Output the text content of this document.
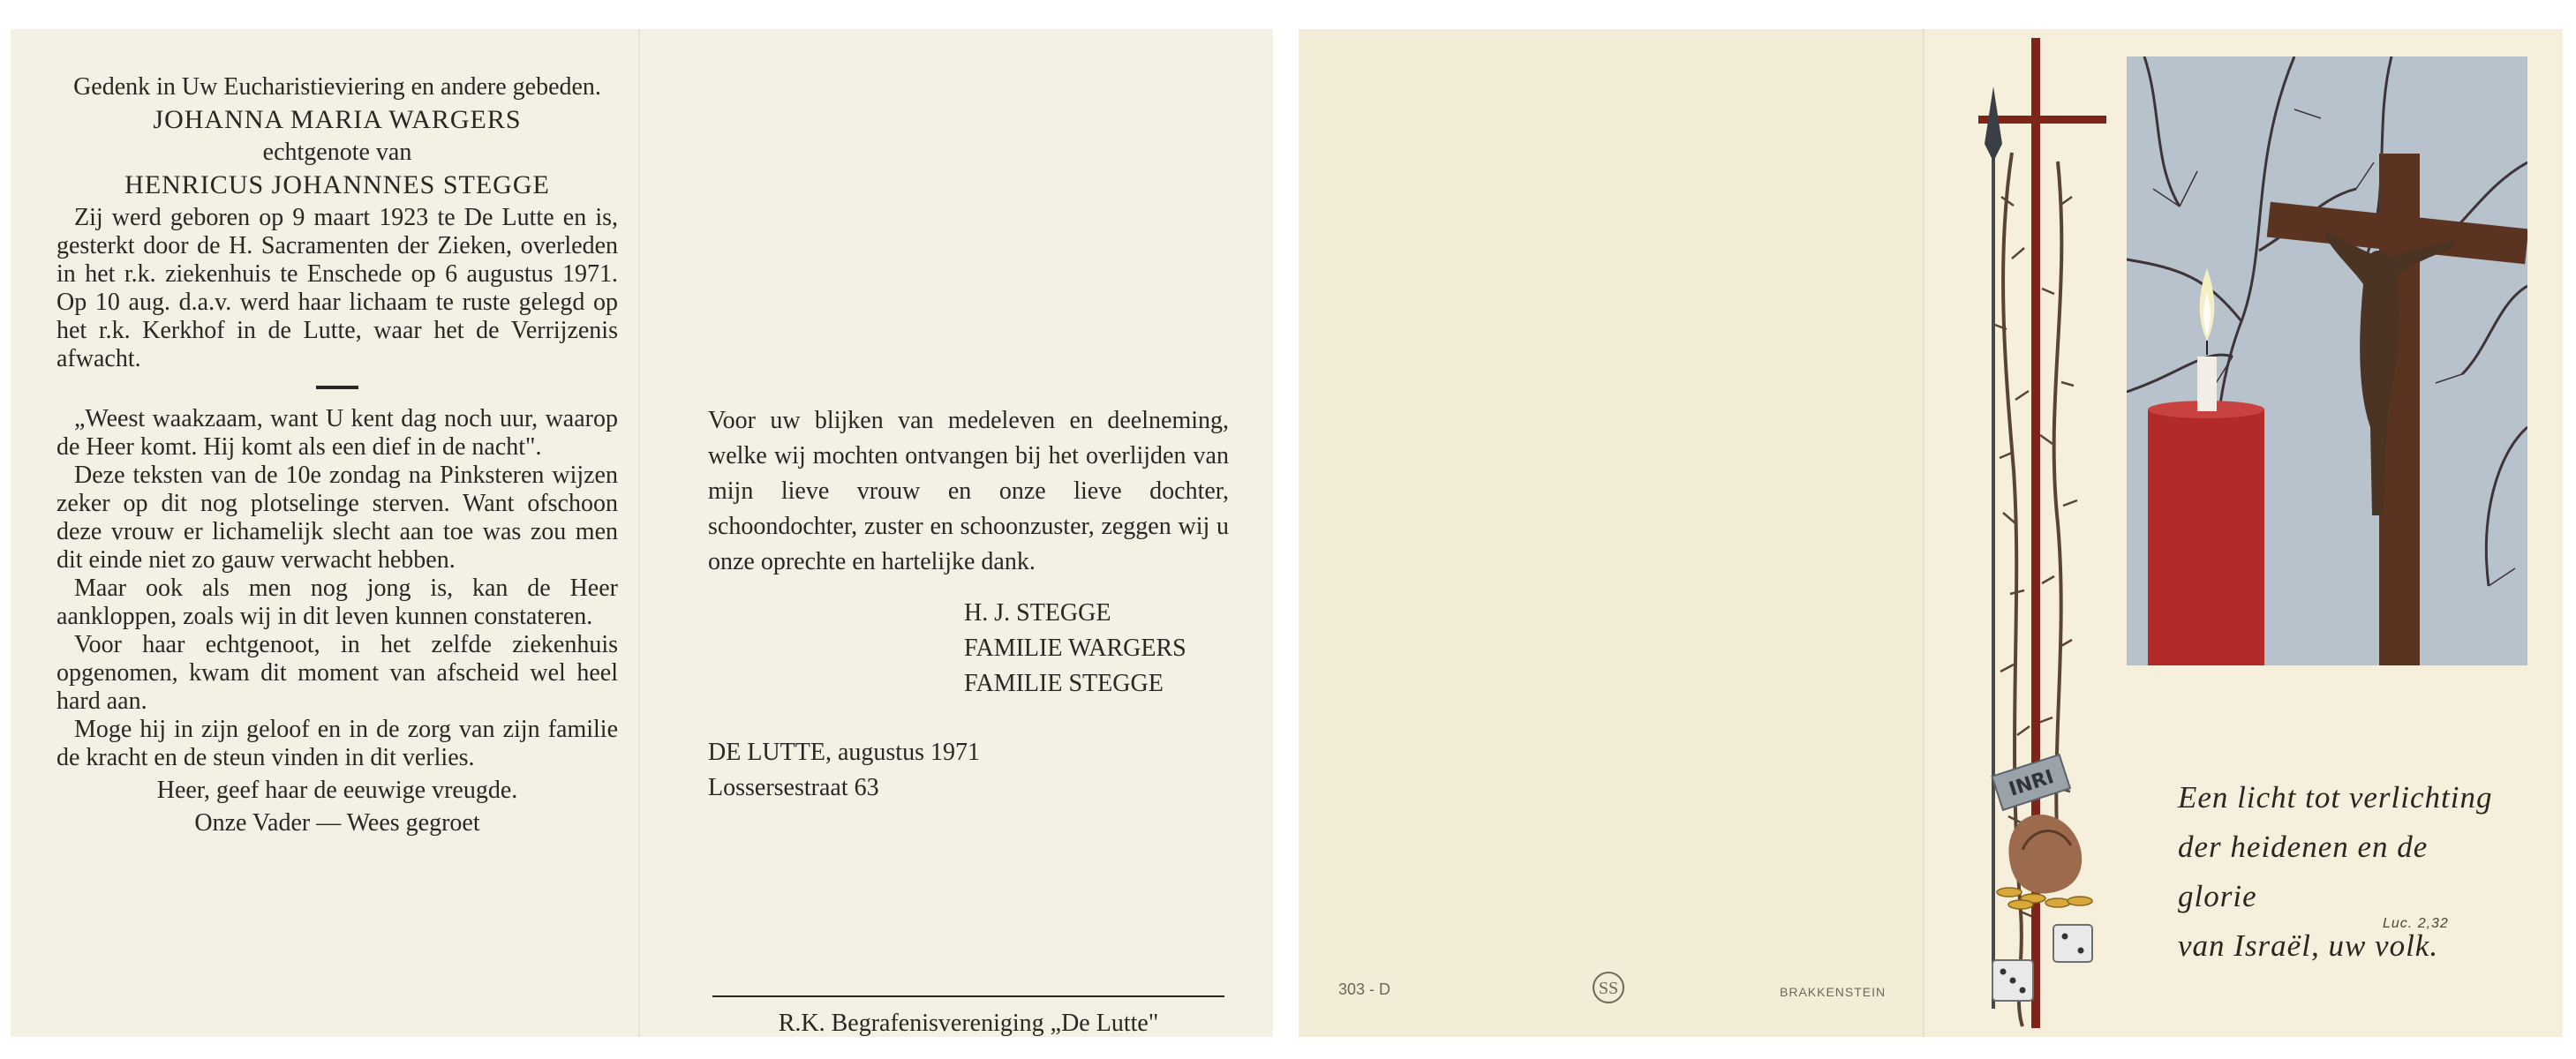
Gedenk in Uw Eucharistieviering en andere gebeden.

JOHANNA MARIA WARGERS

echtgenote van

HENRICUS JOHANNNES STEGGE

Zij werd geboren op 9 maart 1923 te De Lutte en is, gesterkt door de H. Sacramenten der Zieken, overleden in het r.k. ziekenhuis te Enschede op 6 augustus 1971. Op 10 aug. d.a.v. werd haar lichaam te ruste gelegd op het r.k. Kerkhof in de Lutte, waar het de Verrijzenis afwacht.

„Weest waakzaam, want U kent dag noch uur, waarop de Heer komt. Hij komt als een dief in de nacht".

Deze teksten van de 10e zondag na Pinksteren wijzen zeker op dit nog plotselinge sterven. Want ofschoon deze vrouw er lichamelijk slecht aan toe was zou men dit einde niet zo gauw verwacht hebben.

Maar ook als men nog jong is, kan de Heer aankloppen, zoals wij in dit leven kunnen constateren.

Voor haar echtgenoot, in het zelfde ziekenhuis opgenomen, kwam dit moment van afscheid wel heel hard aan.

Moge hij in zijn geloof en in de zorg van zijn familie de kracht en de steun vinden in dit verlies.

Heer, geef haar de eeuwige vreugde.

Onze Vader — Wees gegroet

Voor uw blijken van medeleven en deelneming, welke wij mochten ontvangen bij het overlijden van mijn lieve vrouw en onze lieve dochter, schoondochter, zuster en schoonzuster, zeggen wij u onze oprechte en hartelijke dank.

H. J. STEGGE
FAMILIE WARGERS
FAMILIE STEGGE
DE LUTTE, augustus 1971
Lossersestraat 63
R.K. Begrafenisvereniging „De Lutte"
303 - D	SS	BRAKKENSTEIN
INRI	Een licht tot verlichting
der heidenen en de glorie
van Israël, uw volk.
Luc. 2,32
